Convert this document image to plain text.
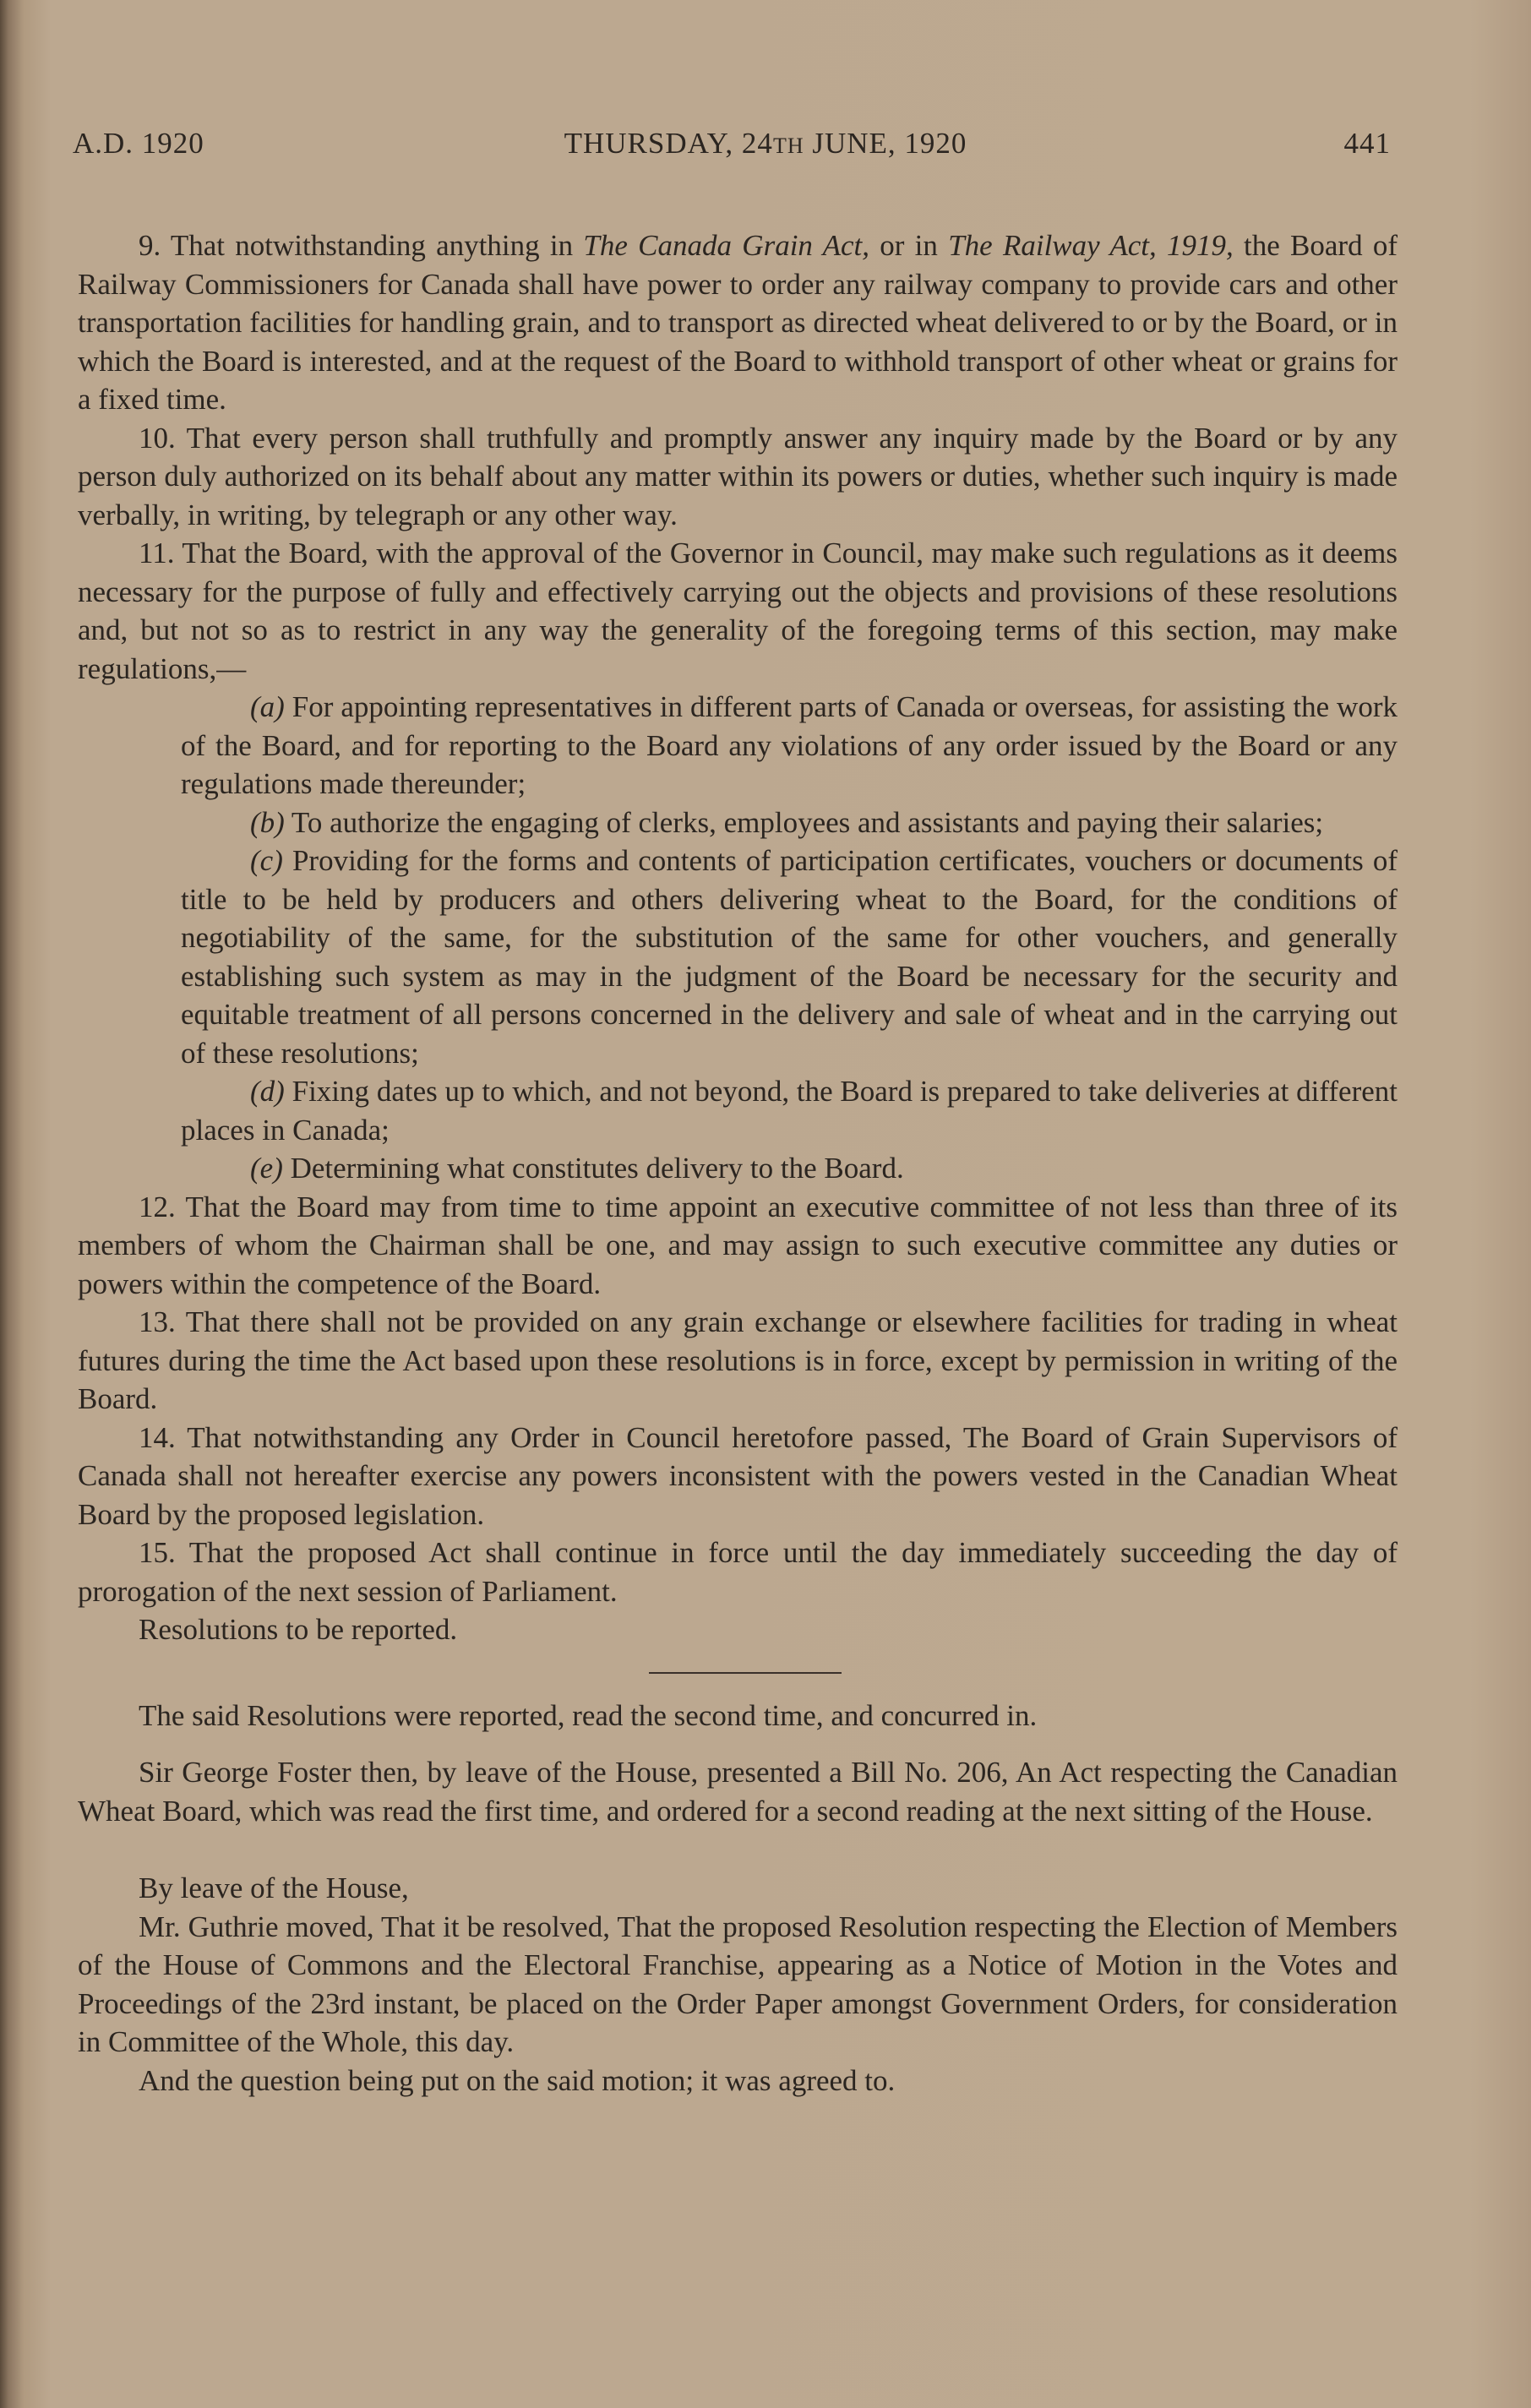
A.D. 1920	THURSDAY, 24TH JUNE, 1920	441

9. That notwithstanding anything in The Canada Grain Act, or in The Railway Act, 1919, the Board of Railway Commissioners for Canada shall have power to order any railway company to provide cars and other transportation facilities for handling grain, and to transport as directed wheat delivered to or by the Board, or in which the Board is interested, and at the request of the Board to withhold transport of other wheat or grains for a fixed time.

10. That every person shall truthfully and promptly answer any inquiry made by the Board or by any person duly authorized on its behalf about any matter within its powers or duties, whether such inquiry is made verbally, in writing, by telegraph or any other way.

11. That the Board, with the approval of the Governor in Council, may make such regulations as it deems necessary for the purpose of fully and effectively carrying out the objects and provisions of these resolutions and, but not so as to restrict in any way the generality of the foregoing terms of this section, may make regulations,—

(a) For appointing representatives in different parts of Canada or overseas, for assisting the work of the Board, and for reporting to the Board any violations of any order issued by the Board or any regulations made thereunder;

(b) To authorize the engaging of clerks, employees and assistants and paying their salaries;

(c) Providing for the forms and contents of participation certificates, vouchers or documents of title to be held by producers and others delivering wheat to the Board, for the conditions of negotiability of the same, for the substitution of the same for other vouchers, and generally establishing such system as may in the judgment of the Board be necessary for the security and equitable treatment of all persons concerned in the delivery and sale of wheat and in the carrying out of these resolutions;

(d) Fixing dates up to which, and not beyond, the Board is prepared to take deliveries at different places in Canada;

(e) Determining what constitutes delivery to the Board.

12. That the Board may from time to time appoint an executive committee of not less than three of its members of whom the Chairman shall be one, and may assign to such executive committee any duties or powers within the competence of the Board.

13. That there shall not be provided on any grain exchange or elsewhere facilities for trading in wheat futures during the time the Act based upon these resolutions is in force, except by permission in writing of the Board.

14. That notwithstanding any Order in Council heretofore passed, The Board of Grain Supervisors of Canada shall not hereafter exercise any powers inconsistent with the powers vested in the Canadian Wheat Board by the proposed legislation.

15. That the proposed Act shall continue in force until the day immediately succeeding the day of prorogation of the next session of Parliament.

Resolutions to be reported.

The said Resolutions were reported, read the second time, and concurred in.

Sir George Foster then, by leave of the House, presented a Bill No. 206, An Act respecting the Canadian Wheat Board, which was read the first time, and ordered for a second reading at the next sitting of the House.

By leave of the House,

Mr. Guthrie moved, That it be resolved, That the proposed Resolution respecting the Election of Members of the House of Commons and the Electoral Franchise, appearing as a Notice of Motion in the Votes and Proceedings of the 23rd instant, be placed on the Order Paper amongst Government Orders, for consideration in Committee of the Whole, this day.

And the question being put on the said motion; it was agreed to.
